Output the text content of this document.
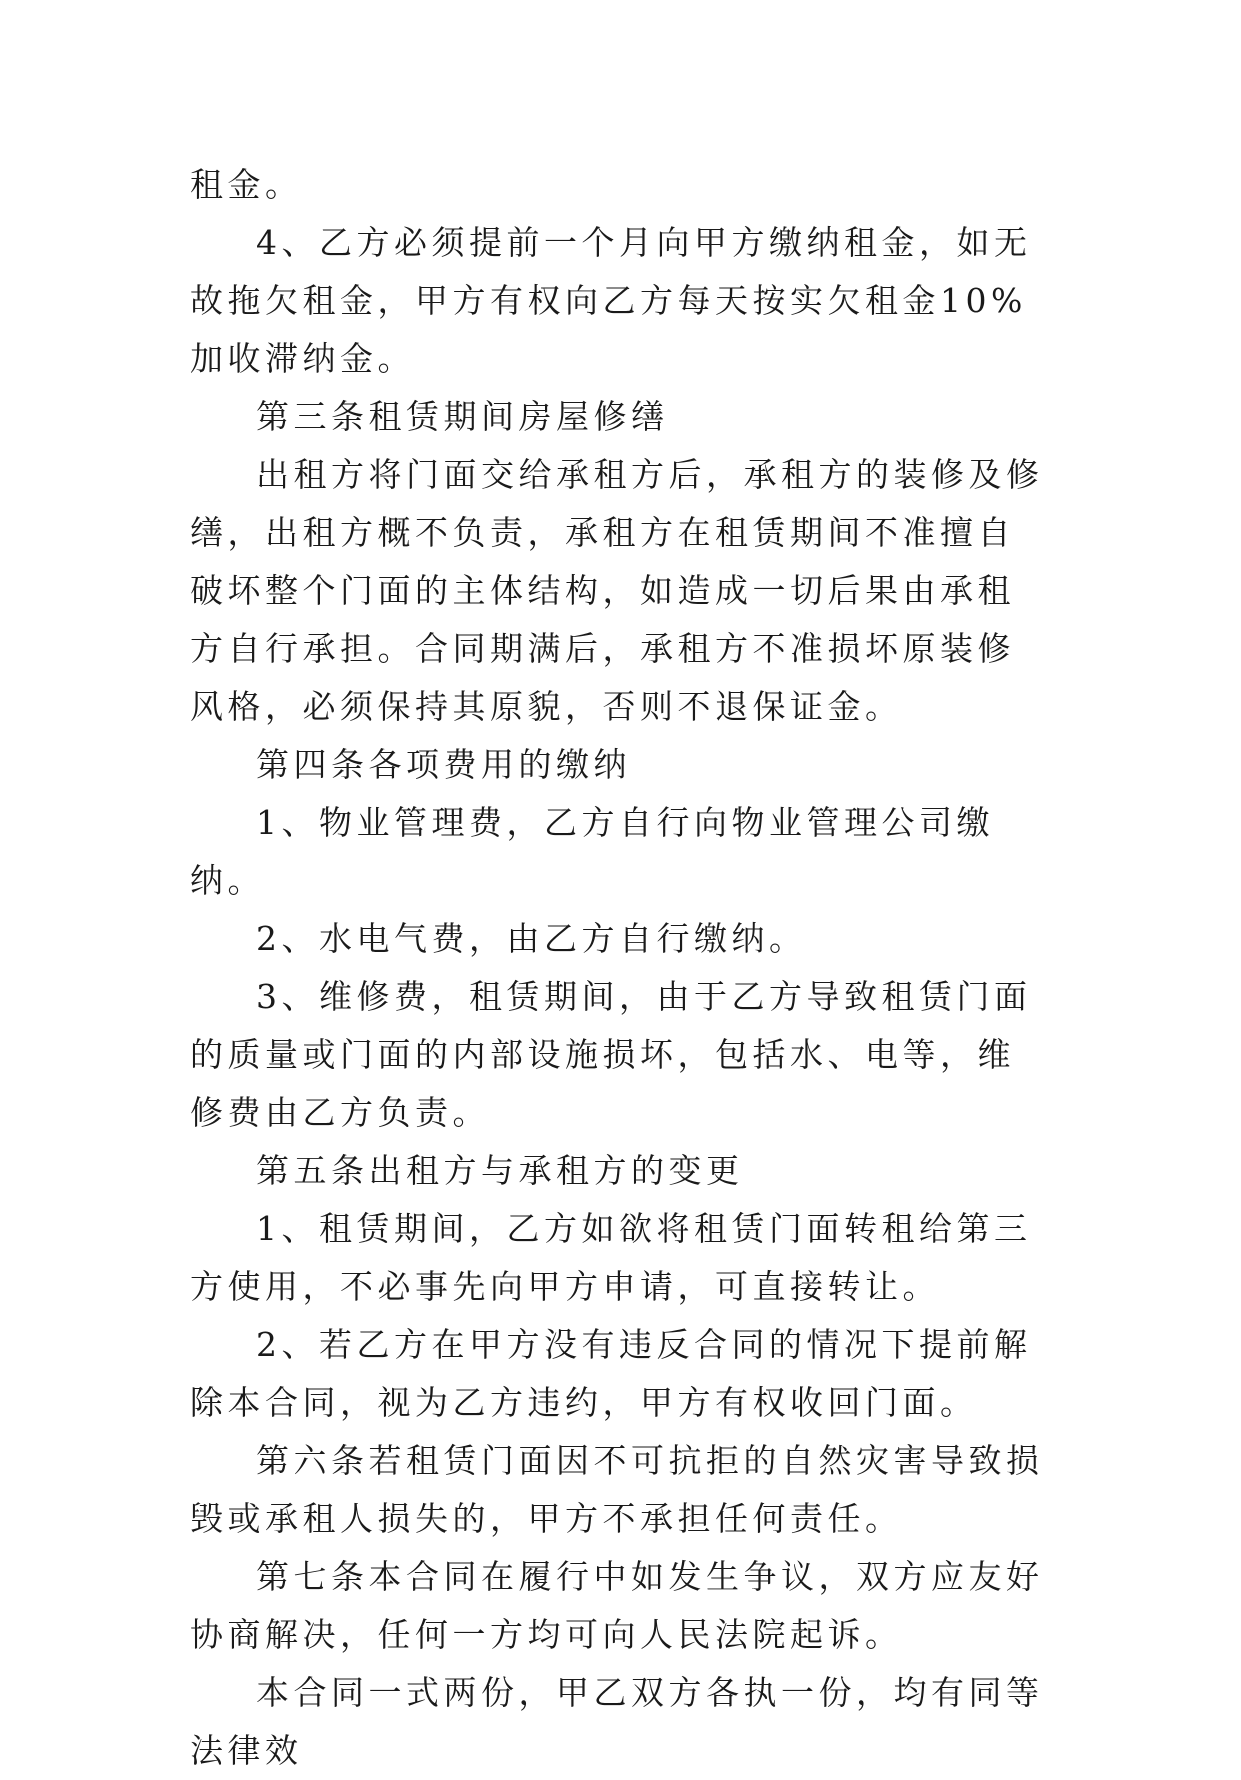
租金。

4、乙方必须提前一个月向甲方缴纳租金，如无故拖欠租金，甲方有权向乙方每天按实欠租金10%加收滞纳金。

第三条租赁期间房屋修缮

出租方将门面交给承租方后，承租方的装修及修缮，出租方概不负责，承租方在租赁期间不准擅自破坏整个门面的主体结构，如造成一切后果由承租方自行承担。合同期满后，承租方不准损坏原装修风格，必须保持其原貌，否则不退保证金。

第四条各项费用的缴纳

1、物业管理费，乙方自行向物业管理公司缴纳。

2、水电气费，由乙方自行缴纳。

3、维修费，租赁期间，由于乙方导致租赁门面的质量或门面的内部设施损坏，包括水、电等，维修费由乙方负责。

第五条出租方与承租方的变更

1、租赁期间，乙方如欲将租赁门面转租给第三方使用，不必事先向甲方申请，可直接转让。

2、若乙方在甲方没有违反合同的情况下提前解除本合同，视为乙方违约，甲方有权收回门面。

第六条若租赁门面因不可抗拒的自然灾害导致损毁或承租人损失的，甲方不承担任何责任。

第七条本合同在履行中如发生争议，双方应友好协商解决，任何一方均可向人民法院起诉。

本合同一式两份，甲乙双方各执一份，均有同等法律效
